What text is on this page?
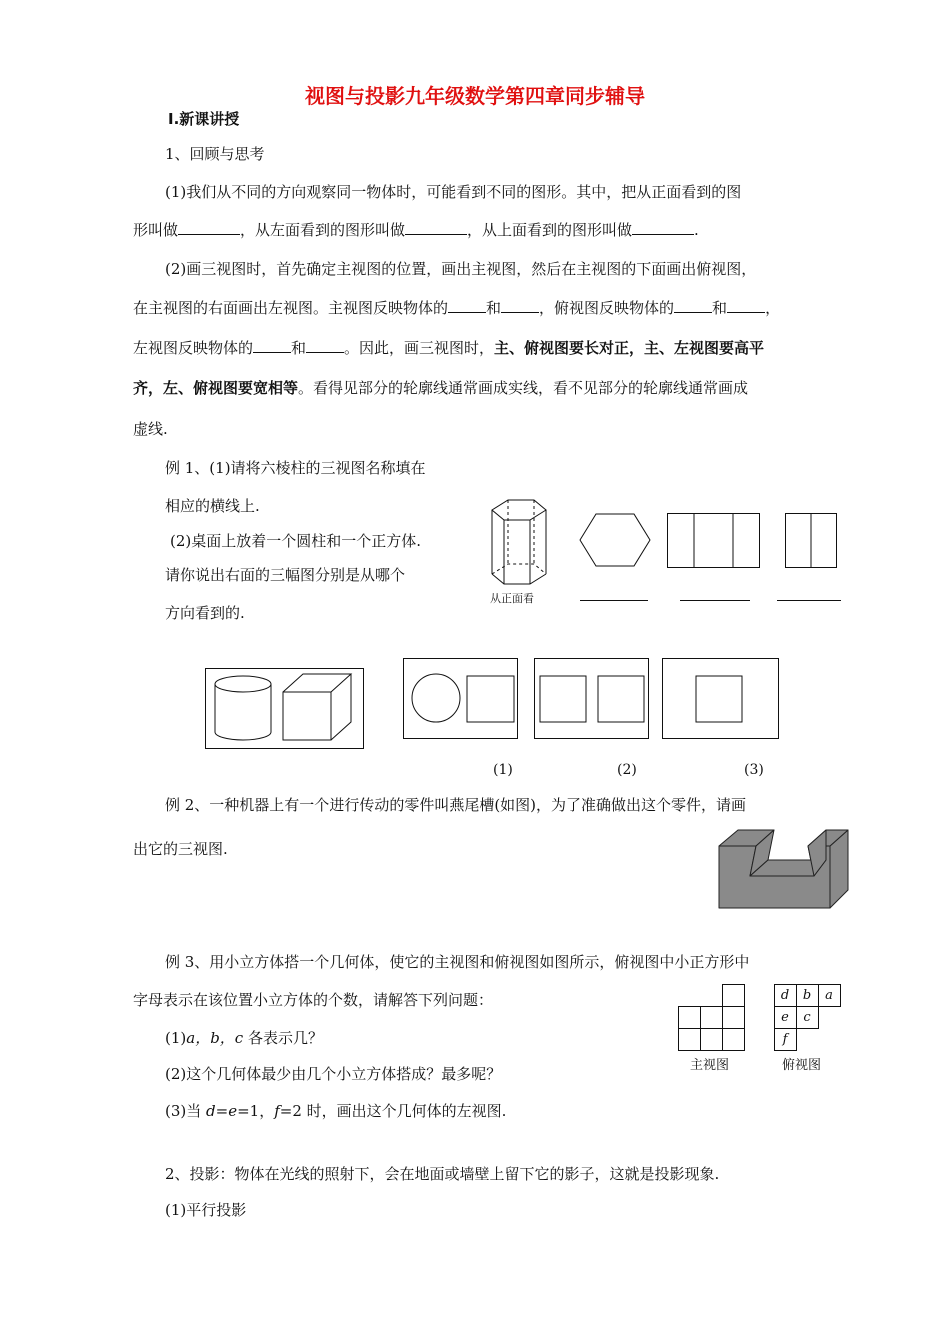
视图与投影九年级数学第四章同步辅导
Ⅰ.新课讲授
1、回顾与思考
(1)我们从不同的方向观察同一物体时，可能看到不同的图形。其中，把从正面看到的图
形叫做	，从左面看到的图形叫做	，从上面看到的图形叫做	.
(2)画三视图时，首先确定主视图的位置，画出主视图，然后在主视图的下面画出俯视图，
在主视图的右面画出左视图。主视图反映物体的	和	，俯视图反映物体的	和	，
左视图反映物体的	和	。因此，画三视图时，主、俯视图要长对正，主、左视图要高平
齐，左、俯视图要宽相等。看得见部分的轮廓线通常画成实线，看不见部分的轮廓线通常画成
虚线.
例 1、(1)请将六棱柱的三视图名称填在
相应的横线上.
(2)桌面上放着一个圆柱和一个正方体.
请你说出右面的三幅图分别是从哪个
方向看到的.
从正面看
(1)	(2)	(3)
例 2、一种机器上有一个进行传动的零件叫燕尾槽(如图)，为了准确做出这个零件，请画
出它的三视图.
例 3、用小立方体搭一个几何体，使它的主视图和俯视图如图所示，俯视图中小正方形中
字母表示在该位置小立方体的个数，请解答下列问题：
(1)a，b，c 各表示几？
(2)这个几何体最少由几个小立方体搭成？最多呢？
(3)当 d=e=1，f=2 时，画出这个几何体的左视图.
主视图
d	b	a
e	c
f
俯视图
2、投影：物体在光线的照射下，会在地面或墙壁上留下它的影子，这就是投影现象.
(1)平行投影
